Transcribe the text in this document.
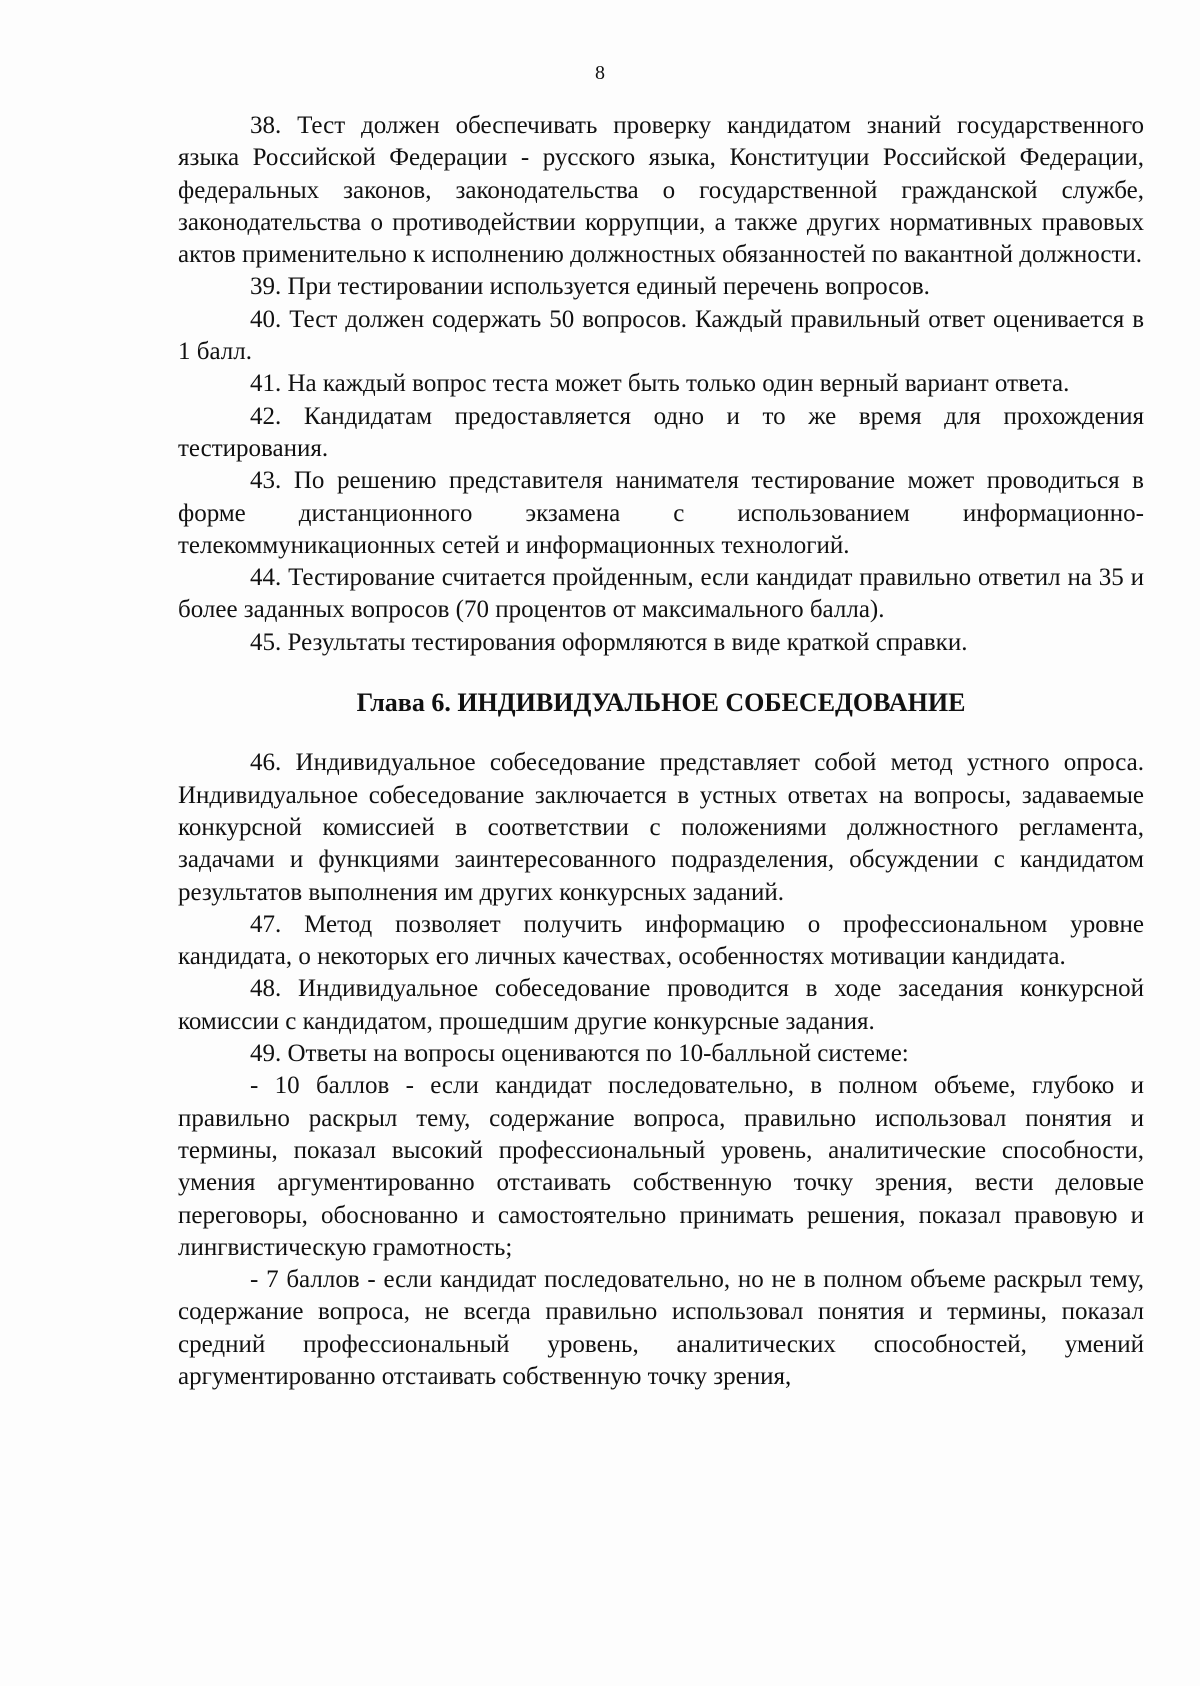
8

38. Тест должен обеспечивать проверку кандидатом знаний государственного языка Российской Федерации - русского языка, Конституции Российской Федерации, федеральных законов, законодательства о государственной гражданской службе, законодательства о противодействии коррупции, а также других нормативных правовых актов применительно к исполнению должностных обязанностей по вакантной должности.

39. При тестировании используется единый перечень вопросов.

40. Тест должен содержать 50 вопросов. Каждый правильный ответ оценивается в 1 балл.

41. На каждый вопрос теста может быть только один верный вариант ответа.

42. Кандидатам предоставляется одно и то же время для прохождения тестирования.

43. По решению представителя нанимателя тестирование может проводиться в форме дистанционного экзамена с использованием информационно-телекоммуникационных сетей и информационных технологий.

44. Тестирование считается пройденным, если кандидат правильно ответил на 35 и более заданных вопросов (70 процентов от максимального балла).

45. Результаты тестирования оформляются в виде краткой справки.

Глава 6. ИНДИВИДУАЛЬНОЕ СОБЕСЕДОВАНИЕ

46. Индивидуальное собеседование представляет собой метод устного опроса. Индивидуальное собеседование заключается в устных ответах на вопросы, задаваемые конкурсной комиссией в соответствии с положениями должностного регламента, задачами и функциями заинтересованного подразделения, обсуждении с кандидатом результатов выполнения им других конкурсных заданий.

47. Метод позволяет получить информацию о профессиональном уровне кандидата, о некоторых его личных качествах, особенностях мотивации кандидата.

48. Индивидуальное собеседование проводится в ходе заседания конкурсной комиссии с кандидатом, прошедшим другие конкурсные задания.

49. Ответы на вопросы оцениваются по 10-балльной системе:

- 10 баллов - если кандидат последовательно, в полном объеме, глубоко и правильно раскрыл тему, содержание вопроса, правильно использовал понятия и термины, показал высокий профессиональный уровень, аналитические способности, умения аргументированно отстаивать собственную точку зрения, вести деловые переговоры, обоснованно и самостоятельно принимать решения, показал правовую и лингвистическую грамотность;

- 7 баллов - если кандидат последовательно, но не в полном объеме раскрыл тему, содержание вопроса, не всегда правильно использовал понятия и термины, показал средний профессиональный уровень, аналитических способностей, умений аргументированно отстаивать собственную точку зрения,
